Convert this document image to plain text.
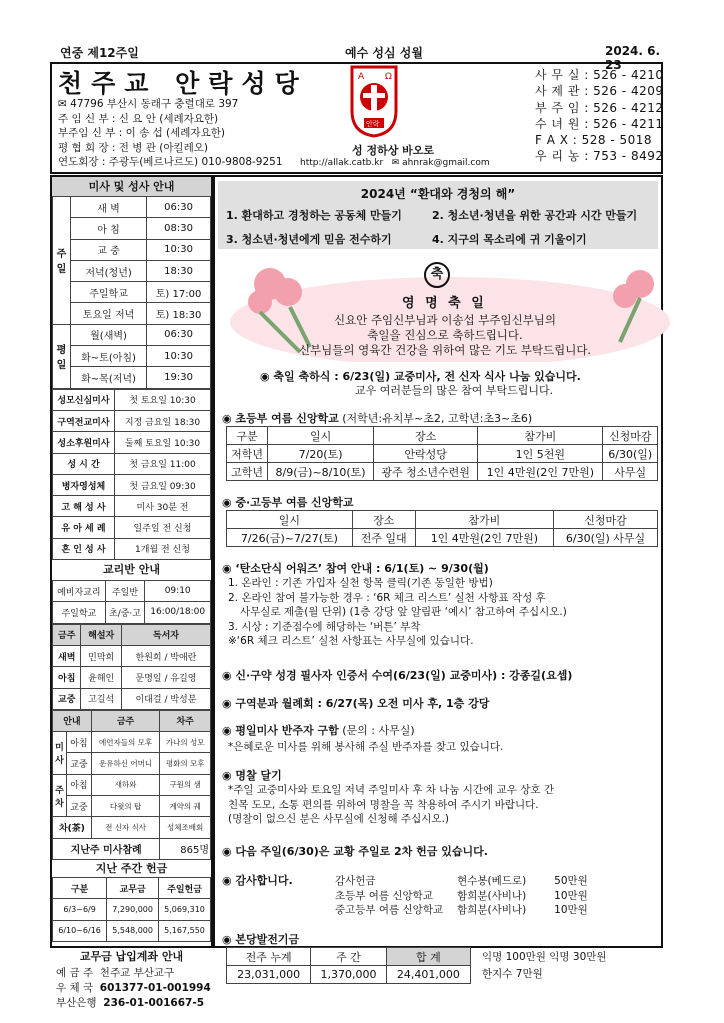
연중 제12주일	예수 성심 성월	2024. 6. 23
천주교 안락성당
✉ 47796 부산시 동래구 충렬대로 397
주 임 신 부 : 신 요 안 (세례자요한)
부주임 신 부 : 이 송 섭 (세례자요한)
평 협 회 장 : 전 병 관 (아킬레오)
연도회장 : 주광두(베르나르도) 010-9808-9251
A Ω
안락
성 정하상 바오로
http://allak.catb.kr   ✉ ahnrak@gmail.com
사 무 실 : 526 - 4210
사 제 관 : 526 - 4209
부 주 임 : 526 - 4212
수 녀 원 : 526 - 4211
F A X : 528 - 5018
우 리 농 : 753 - 8492
미사 및 성사 안내
주일	새 벽	06:30
	아 침	08:30
	교 중	10:30
	저녁(청년)	18:30
	주일학교	토) 17:00
	토요일 저녁	토) 18:30
평일	월(새벽)	06:30
	화~토(아침)	10:30
	화~목(저녁)	19:30
성모신심미사	첫 토요일 10:30
구역전교미사	지정 금요일 18:30
성소후원미사	둘째 토요일 10:30
성 시 간	첫 금요일 11:00
병자영성체	첫 금요일 09:30
고 해 성 사	미사 30분 전
유 아 세 례	일주일 전 신청
혼 인 성 사	1개월 전 신청
교리반 안내
예비자교리	주일반	09:10
주일학교	초/중·고	16:00/18:00
금주	해설자	독서자
새벽	민막희	한원희 / 박애란
아침	윤해인	문명일 / 유길영
교중	고길석	이대걸 / 박성분
안내		금주	차주
미사	아침	에언자들의 모후	가나의 성모
	교중	운유하신 어머니	평화의 모후
주차	아침	새하와	구원의 샘
	교중	다윗의 탑	계약의 궤
차(茶)		전 신자 식사	성체조배회
지난주 미사참례			865명
지난 주간 헌금
구분	교무금	주일헌금
6/3~6/9	7,290,000	5,069,310
6/10~6/16	5,548,000	5,167,550
교무금 납입계좌 안내
예 금 주 천주교 부산교구
우 체 국 601377-01-001994
부산은행 236-01-001667-5
2024년 “환대와 경청의 해”
1. 환대하고 경청하는 공동체 만들기	2. 청소년·청년을 위한 공간과 시간 만들기
3. 청소년·청년에게 믿음 전수하기	4. 지구의 목소리에 귀 기울이기
축
영 명 축 일
신요안 주임신부님과 이송섭 부주임신부님의
축일을 진심으로 축하드립니다.
신부님들의 영육간 건강을 위하여 많은 기도 부탁드립니다.
◉ 축일 축하식 : 6/23(일) 교중미사, 전 신자 식사 나눔 있습니다.
교우 여러분들의 많은 참여 부탁드립니다.
◉ 초등부 여름 신앙학교 (저학년:유치부~초2, 고학년:초3~초6)
구분	일시	장소	참가비	신청마감
저학년	7/20(토)	안락성당	1인 5천원	6/30(일)
고학년	8/9(금)~8/10(토)	광주 청소년수련원	1인 4만원(2인 7만원)	사무실
◉ 중·고등부 여름 신앙학교
일시	장소	참가비	신청마감
7/26(금)~7/27(토)	전주 일대	1인 4만원(2인 7만원)	6/30(일) 사무실
◉ ‘탄소단식 어워즈’ 참여 안내 : 6/1(토) ~ 9/30(월)
1. 온라인 : 기존 가입자 실천 항목 클릭(기존 동일한 방법)
2. 온라인 참여 불가능한 경우 : ‘6R 체크 리스트’ 실천 사항표 작성 후
사무실로 제출(월 단위) (1층 강당 앞 알림판 ‘예시’ 참고하여 주십시오.)
3. 시상 : 기준점수에 해당하는 ‘버튼’ 부착
※‘6R 체크 리스트’ 실천 사항표는 사무실에 있습니다.
◉ 신·구약 성경 필사자 인증서 수여(6/23(일) 교중미사) : 강종길(요셉)
◉ 구역분과 월례회 : 6/27(목) 오전 미사 후, 1층 강당
◉ 평일미사 반주자 구함 (문의 : 사무실)
*은혜로운 미사를 위해 봉사해 주실 반주자를 찾고 있습니다.
◉ 명찰 달기
*주일 교중미사와 토요일 저녁 주일미사 후 차 나눔 시간에 교우 상호 간
친목 도모, 소통 편의를 위하여 명찰을 꼭 착용하여 주시기 바랍니다.
(명찰이 없으신 분은 사무실에 신청해 주십시오.)
◉ 다음 주일(6/30)은 교황 주일로 2차 헌금 있습니다.
◉ 감사합니다.	감사헌금	현수봉(베드로)	50만원
초등부 여름 신앙학교	함희분(사비나)	10만원
중고등부 여름 신앙학교	함희분(사비나)	10만원
◉ 본당발전기금
전주 누계	주 간	합 계
23,031,000	1,370,000	24,401,000
익명 100만원 익명 30만원
한지수 7만원
